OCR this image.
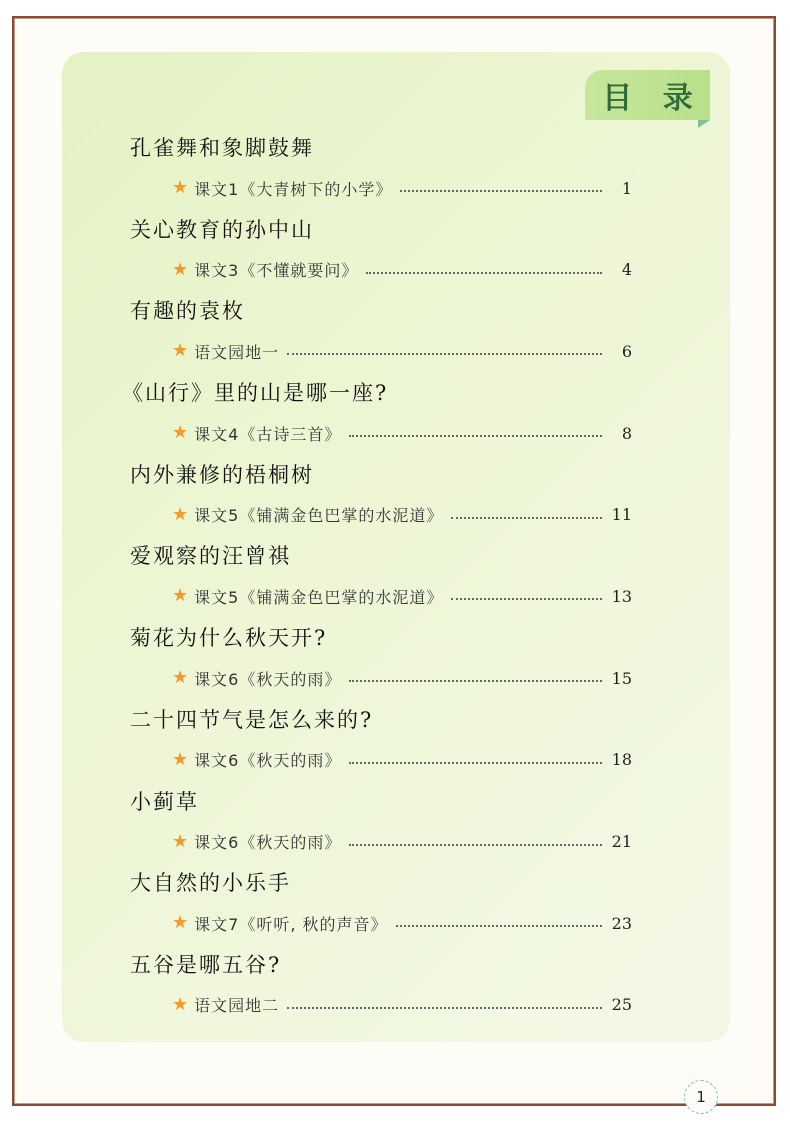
目 录
孔雀舞和象脚鼓舞
★ 课文1《大青树下的小学》	1
关心教育的孙中山
★ 课文3《不懂就要问》	4
有趣的袁枚
★ 语文园地一	6
《山行》里的山是哪一座?
★ 课文4《古诗三首》	8
内外兼修的梧桐树
★ 课文5《铺满金色巴掌的水泥道》	11
爱观察的汪曾祺
★ 课文5《铺满金色巴掌的水泥道》	13
菊花为什么秋天开?
★ 课文6《秋天的雨》	15
二十四节气是怎么来的?
★ 课文6《秋天的雨》	18
小蓟草
★ 课文6《秋天的雨》	21
大自然的小乐手
★ 课文7《听听, 秋的声音》	23
五谷是哪五谷?
★ 语文园地二	25
1
